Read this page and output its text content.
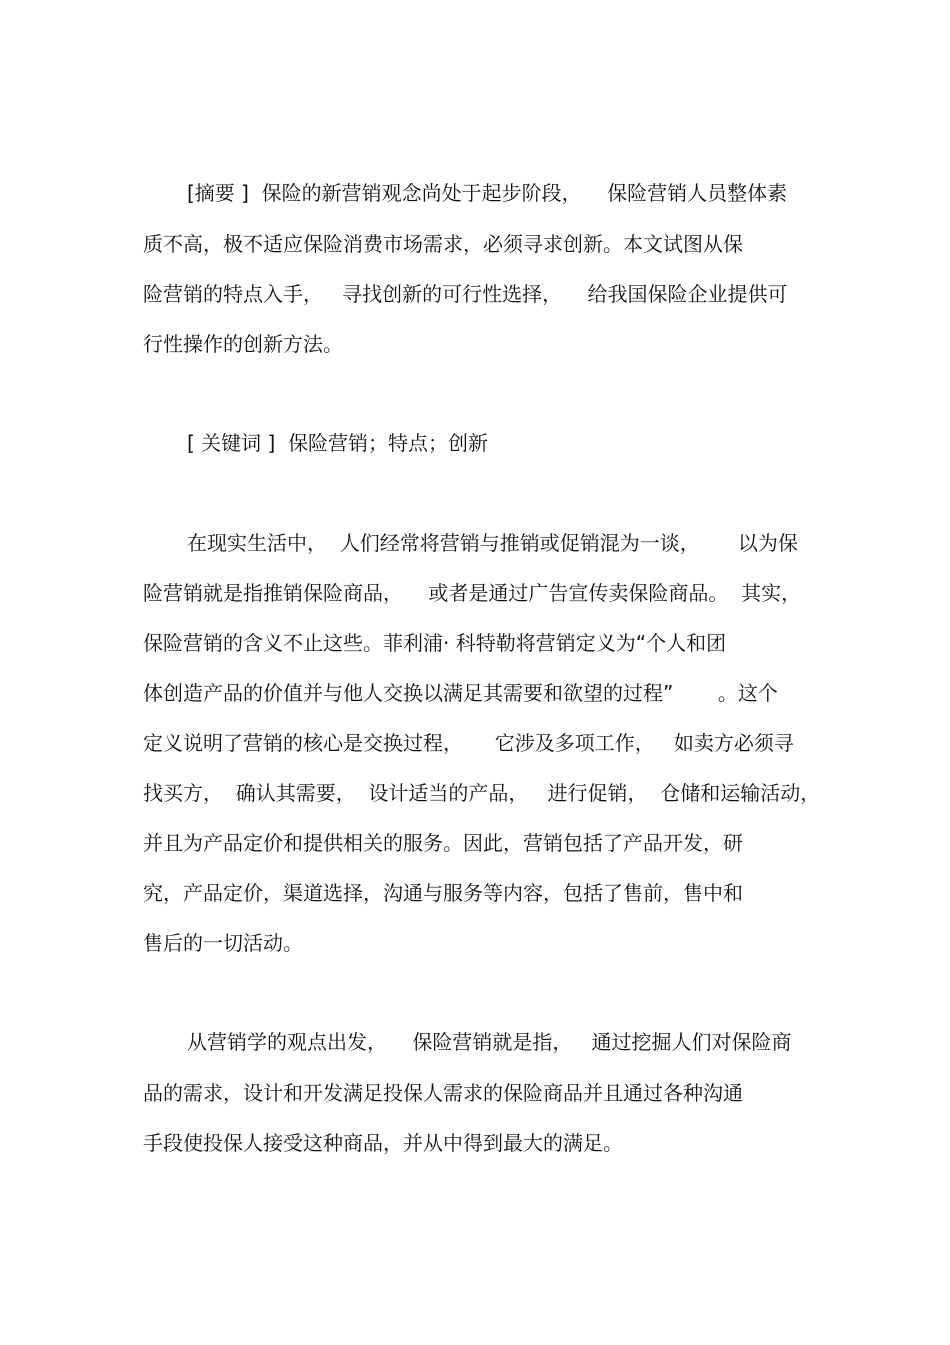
[摘要 ]  保险的新营销观念尚处于起步阶段，    保险营销人员整体素

质不高，极不适应保险消费市场需求，必须寻求创新。本文试图从保

险营销的特点入手，   寻找创新的可行性选择，    给我国保险企业提供可

行性操作的创新方法。

[ 关键词 ]  保险营销；特点；创新

在现实生活中，  人们经常将营销与推销或促销混为一谈，      以为保

险营销就是指推销保险商品，    或者是通过广告宣传卖保险商品。  其实，

保险营销的含义不止这些。菲利浦· 科特勒将营销定义为“个人和团

体创造产品的价值并与他人交换以满足其需要和欲望的过程”       。这个

定义说明了营销的核心是交换过程，     它涉及多项工作，   如卖方必须寻

找买方，  确认其需要，  设计适当的产品，   进行促销，  仓储和运输活动，

并且为产品定价和提供相关的服务。因此，营销包括了产品开发，研

究，产品定价，渠道选择，沟通与服务等内容，包括了售前，售中和

售后的一切活动。

从营销学的观点出发，    保险营销就是指，   通过挖掘人们对保险商

品的需求，设计和开发满足投保人需求的保险商品并且通过各种沟通

手段使投保人接受这种商品，并从中得到最大的满足。
